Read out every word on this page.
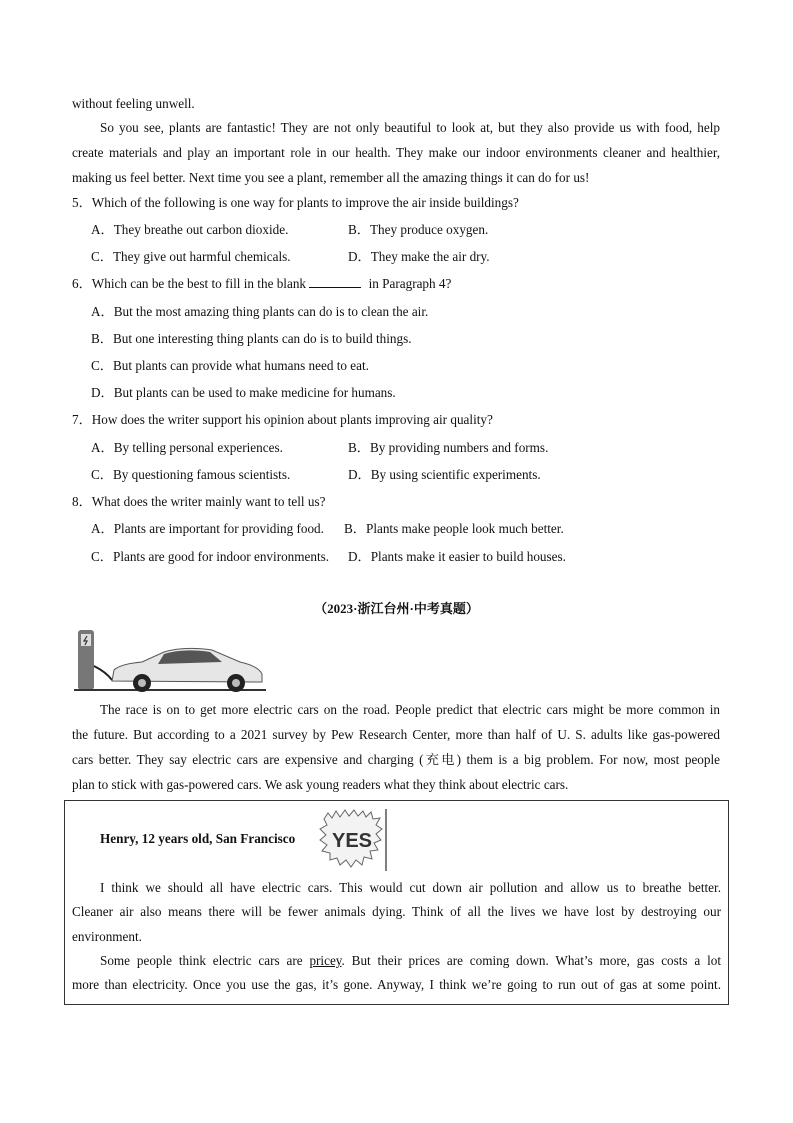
without feeling unwell.
So you see, plants are fantastic! They are not only beautiful to look at, but they also provide us with food, help
create materials and play an important role in our health. They make our indoor environments cleaner and healthier,
making us feel better. Next time you see a plant, remember all the amazing things it can do for us!
5．Which of the following is one way for plants to improve the air inside buildings?
A．They breathe out carbon dioxide.	B．They produce oxygen.
C．They give out harmful chemicals.	D．They make the air dry.
6．Which can be the best to fill in the blank	in Paragraph 4?
A．But the most amazing thing plants can do is to clean the air.
B．But one interesting thing plants can do is to build things.
C．But plants can provide what humans need to eat.
D．But plants can be used to make medicine for humans.
7．How does the writer support his opinion about plants improving air quality?
A．By telling personal experiences.	B．By providing numbers and forms.
C．By questioning famous scientists.	D．By using scientific experiments.
8．What does the writer mainly want to tell us?
A．Plants are important for providing food. B．Plants make people look much better.
C．Plants are good for indoor environments. D．Plants make it easier to build houses.
（2023·浙江台州·中考真题）
The race is on to get more electric cars on the road. People predict that electric cars might be more common in
the future. But according to a 2021 survey by Pew Research Center, more than half of U. S. adults like gas-powered
cars better. They say electric cars are expensive and charging (充电) them is a big problem. For now, most people
plan to stick with gas-powered cars. We ask young readers what they think about electric cars.
Henry, 12 years old, San Francisco YES
I think we should all have electric cars. This would cut down air pollution and allow us to breathe better.
Cleaner air also means there will be fewer animals dying. Think of all the lives we have lost by destroying our
environment.
Some people think electric cars are pricey. But their prices are coming down. What’s more, gas costs a lot
more than electricity. Once you use the gas, it’s gone. Anyway, I think we’re going to run out of gas at some point.
